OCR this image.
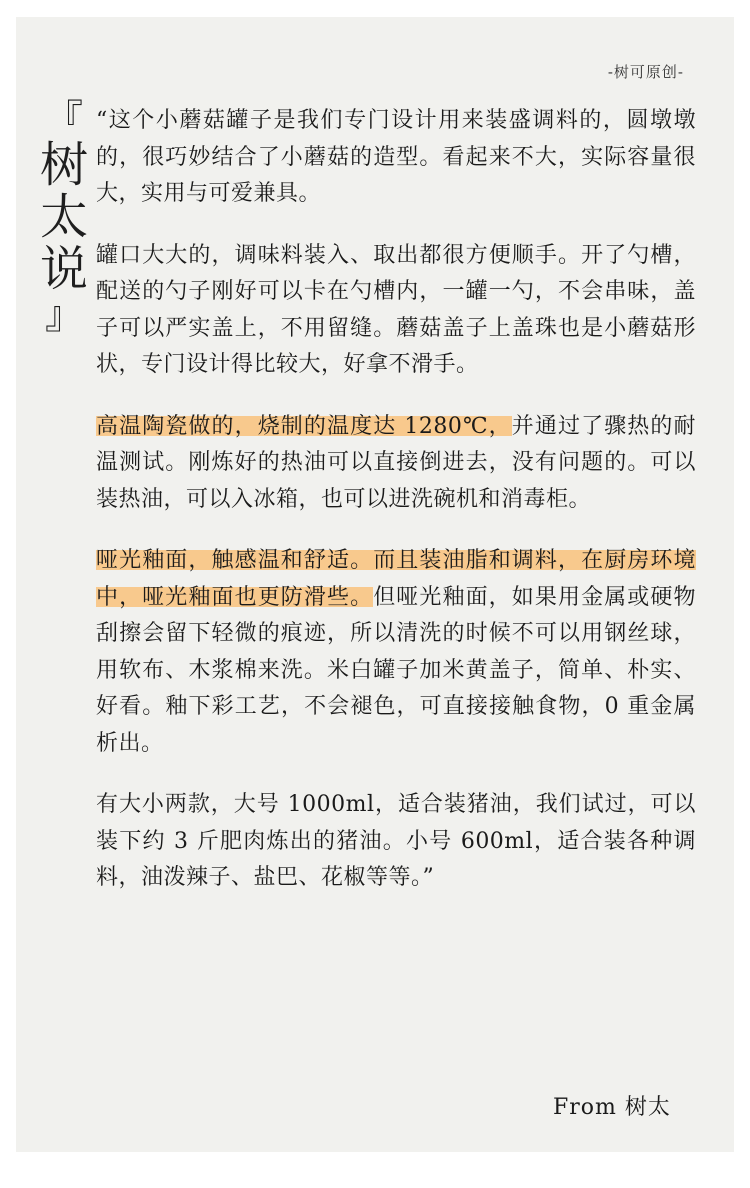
-树可原创-
『
树
太
说
』

“这个小蘑菇罐子是我们专门设计用来装盛调料的，圆墩墩的，很巧妙结合了小蘑菇的造型。看起来不大，实际容量很大，实用与可爱兼具。

罐口大大的，调味料装入、取出都很方便顺手。开了勺槽，配送的勺子刚好可以卡在勺槽内，一罐一勺，不会串味，盖子可以严实盖上，不用留缝。蘑菇盖子上盖珠也是小蘑菇形状，专门设计得比较大，好拿不滑手。

高温陶瓷做的，烧制的温度达 1280℃，并通过了骤热的耐温测试。刚炼好的热油可以直接倒进去，没有问题的。可以装热油，可以入冰箱，也可以进洗碗机和消毒柜。

哑光釉面，触感温和舒适。而且装油脂和调料，在厨房环境中，哑光釉面也更防滑些。但哑光釉面，如果用金属或硬物刮擦会留下轻微的痕迹，所以清洗的时候不可以用钢丝球，用软布、木浆棉来洗。米白罐子加米黄盖子，简单、朴实、好看。釉下彩工艺，不会褪色，可直接接触食物，0 重金属析出。

有大小两款，大号 1000ml，适合装猪油，我们试过，可以装下约 3 斤肥肉炼出的猪油。小号 600ml，适合装各种调料，油泼辣子、盐巴、花椒等等。”

From 树太
